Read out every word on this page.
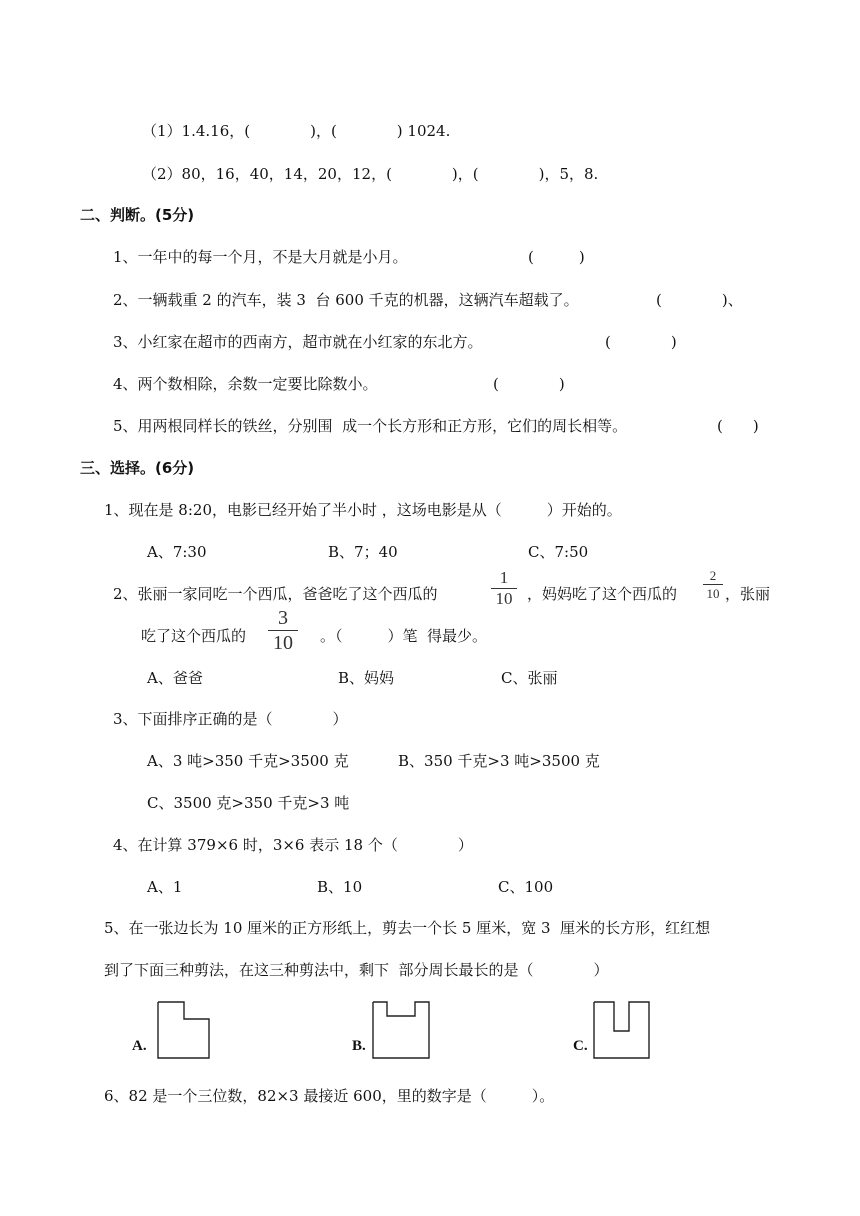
（1）1.4.16，(　　　　)，(　　　　) 1024.
（2）80，16，40，14，20，12，(　　　　)，(　　　　)，5，8.
二、判断。(5分)
1、一年中的每一个月，不是大月就是小月。	(　　　)
2、一辆载重 2 的汽车，装 3  台 600 千克的机器，这辆汽车超载了。	(　　　　)、
3、小红家在超市的西南方，超市就在小红家的东北方。	(　　　　)
4、两个数相除，余数一定要比除数小。	(　　　　)
5、用两根同样长的铁丝，分别围  成一个长方形和正方形，它们的周长相等。	(　　)
三、选择。(6分)
1、现在是 8:20，电影已经开始了半小时 ，这场电影是从（　　　）开始的。
A、7:30	B、7；40	C、7:50
2、张丽一家同吃一个西瓜，爸爸吃了这个西瓜的
1
10 ，妈妈吃了这个西瓜的
2
10 ，张丽
吃了这个西瓜的
3
10	。（　　　）笔  得最少。
A、爸爸	B、妈妈	C、张丽
3、下面排序正确的是（　　　　）
A、3 吨>350 千克>3500 克	B、350 千克>3 吨>3500 克
C、3500 克>350 千克>3 吨
4、在计算 379×6 时，3×6 表示 18 个（　　　　）
A、1	B、10	C、100
5、在一张边长为 10 厘米的正方形纸上，剪去一个长 5 厘米，宽 3  厘米的长方形，红红想
到了下面三种剪法，在这三种剪法中，剩下  部分周长最长的是（　　　　）
A.	B.	C.
6、82 是一个三位数，82×3 最接近 600，里的数字是（　　　）。
